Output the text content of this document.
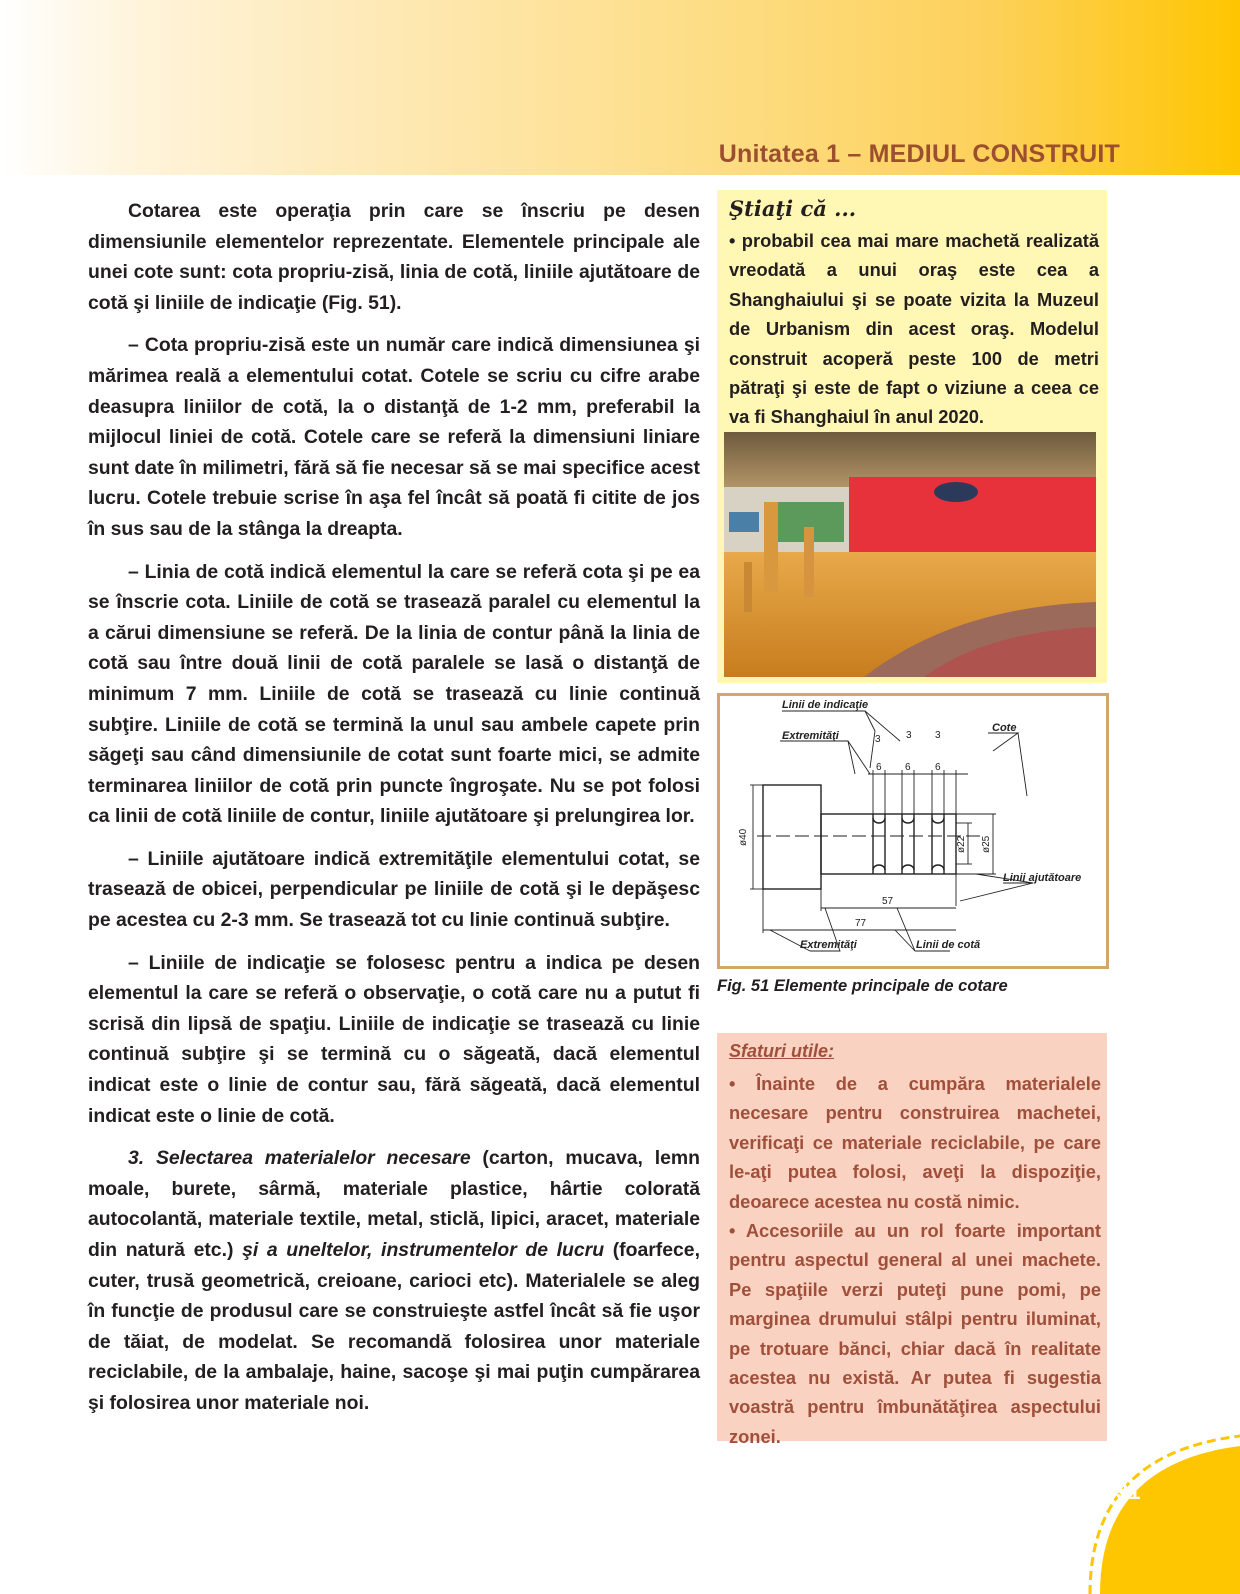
Unitatea 1 – MEDIUL CONSTRUIT

Cotarea este operaţia prin care se înscriu pe desen dimensiunile elementelor reprezentate. Elementele principale ale unei cote sunt: cota propriu-zisă, linia de cotă, liniile ajutătoare de cotă şi liniile de indicaţie (Fig. 51).

– Cota propriu-zisă este un număr care indică dimensiunea şi mărimea reală a elementului cotat. Cotele se scriu cu cifre arabe deasupra liniilor de cotă, la o distanţă de 1-2 mm, preferabil la mijlocul liniei de cotă. Cotele care se referă la dimensiuni liniare sunt date în milimetri, fără să fie necesar să se mai specifice acest lucru. Cotele trebuie scrise în aşa fel încât să poată fi citite de jos în sus sau de la stânga la dreapta.

– Linia de cotă indică elementul la care se referă cota şi pe ea se înscrie cota. Liniile de cotă se trasează paralel cu elementul la a cărui dimensiune se referă. De la linia de contur până la linia de cotă sau între două linii de cotă paralele se lasă o distanţă de minimum 7 mm. Liniile de cotă se trasează cu linie continuă subţire. Liniile de cotă se termină la unul sau ambele capete prin săgeţi sau când dimensiunile de cotat sunt foarte mici, se admite terminarea liniilor de cotă prin puncte îngroşate. Nu se pot folosi ca linii de cotă liniile de contur, liniile ajutătoare şi prelungirea lor.

– Liniile ajutătoare indică extremităţile elementului cotat, se trasează de obicei, perpendicular pe liniile de cotă şi le depăşesc pe acestea cu 2-3 mm. Se trasează tot cu linie continuă subţire.

– Liniile de indicaţie se folosesc pentru a indica pe desen elementul la care se referă o observaţie, o cotă care nu a putut fi scrisă din lipsă de spaţiu. Liniile de indicaţie se trasează cu linie continuă subţire şi se termină cu o săgeată, dacă elementul indicat este o linie de contur sau, fără săgeată, dacă elementul indicat este o linie de cotă.

3. Selectarea materialelor necesare (carton, mucava, lemn moale, burete, sârmă, materiale plastice, hârtie colorată autocolantă, materiale textile, metal, sticlă, lipici, aracet, materiale din natură etc.) şi a uneltelor, instrumentelor de lucru (foarfece, cuter, trusă geometrică, creioane, carioci etc). Materialele se aleg în funcţie de produsul care se construieşte astfel încât să fie uşor de tăiat, de modelat. Se recomandă folosirea unor materiale reciclabile, de la ambalaje, haine, sacoşe şi mai puţin cumpărarea şi folosirea unor materiale noi.

Ştiaţi că ...
• probabil cea mai mare machetă realizată vreodată a unui oraş este cea a Shanghaiului şi se poate vizita la Muzeul de Urbanism din acest oraş. Modelul construit acoperă peste 100 de metri pătraţi şi este de fapt o viziune a ceea ce va fi Shanghaiul în anul 2020.
Linii de indicaţie
Extremităţi
Cote
Linii ajutătoare
Extremităţi	Linii de cotă
3	3 3
6 6 6
57
77
ø40	ø22 ø25
Fig. 51 Elemente principale de cotare
Sfaturi utile:

• Înainte de a cumpăra materialele necesare pentru construirea machetei, verificaţi ce materiale reciclabile, pe care le-aţi putea folosi, aveţi la dispoziţie, deoarece acestea nu costă nimic.

• Accesoriile au un rol foarte important pentru aspectul general al unei machete. Pe spaţiile verzi puteţi pune pomi, pe marginea drumului stâlpi pentru iluminat, pe trotuare bănci, chiar dacă în realitate acestea nu există. Ar putea fi sugestia voastră pentru îmbunătăţirea aspectului zonei.

31
